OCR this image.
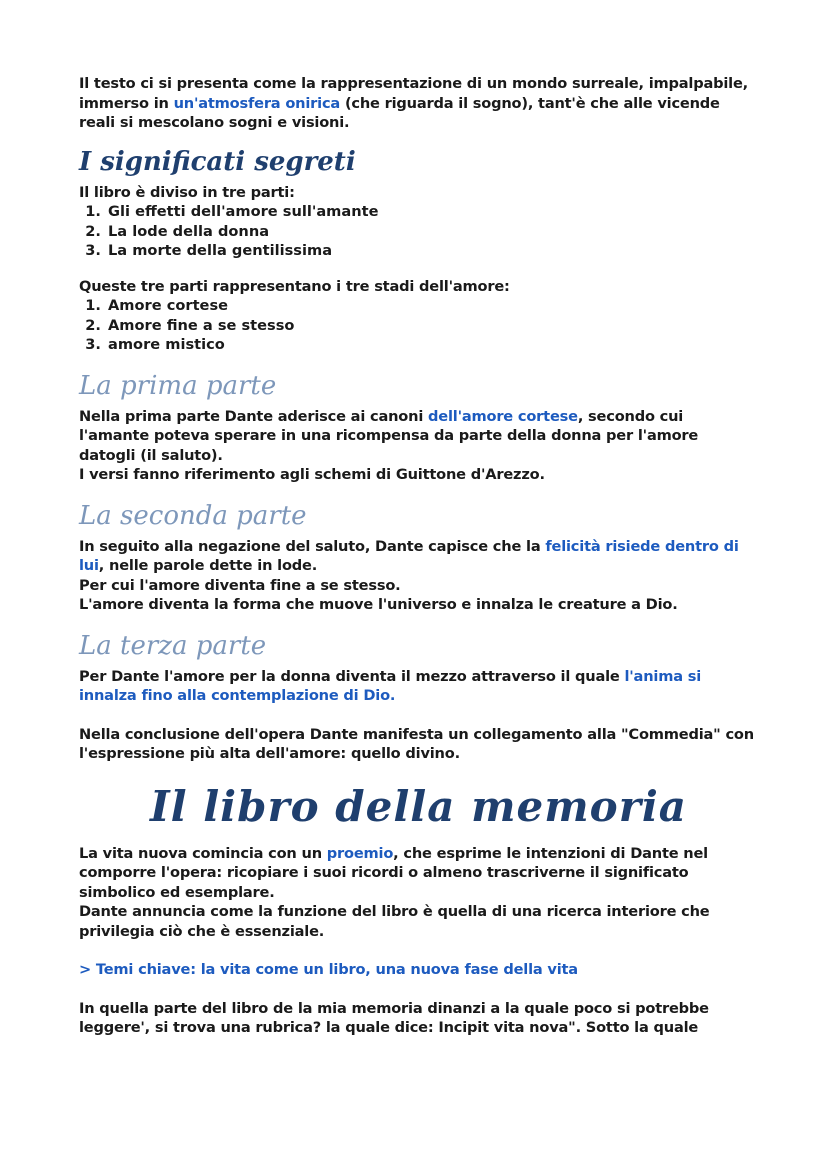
Il testo ci si presenta come la rappresentazione di un mondo surreale, impalpabile, immerso in un'atmosfera onirica (che riguarda il sogno), tant'è che alle vicende reali si mescolano sogni e visioni.

I significati segreti

Il libro è diviso in tre parti:

1. Gli effetti dell'amore sull'amante
2. La lode della donna
3. La morte della gentilissima

Queste tre parti rappresentano i tre stadi dell'amore:

1. Amore cortese
2. Amore fine a se stesso
3. amore mistico
La prima parte

Nella prima parte Dante aderisce ai canoni dell'amore cortese, secondo cui l'amante poteva sperare in una ricompensa da parte della donna per l'amore datogli (il saluto).

I versi fanno riferimento agli schemi di Guittone d'Arezzo.

La seconda parte

In seguito alla negazione del saluto, Dante capisce che la felicità risiede dentro di lui, nelle parole dette in lode.

Per cui l'amore diventa fine a se stesso.

L'amore diventa la forma che muove l'universo e innalza le creature a Dio.

La terza parte

Per Dante l'amore per la donna diventa il mezzo attraverso il quale l'anima si innalza fino alla contemplazione di Dio.

Nella conclusione dell'opera Dante manifesta un collegamento alla "Commedia" con l'espressione più alta dell'amore: quello divino.

Il libro della memoria

La vita nuova comincia con un proemio, che esprime le intenzioni di Dante nel comporre l'opera: ricopiare i suoi ricordi o almeno trascriverne il significato simbolico ed esemplare.

Dante annuncia come la funzione del libro è quella di una ricerca interiore che privilegia ciò che è essenziale.

> Temi chiave: la vita come un libro, una nuova fase della vita

In quella parte del libro de la mia memoria dinanzi a la quale poco si potrebbe leggere', si trova una rubrica? la quale dice: Incipit vita nova". Sotto la quale
